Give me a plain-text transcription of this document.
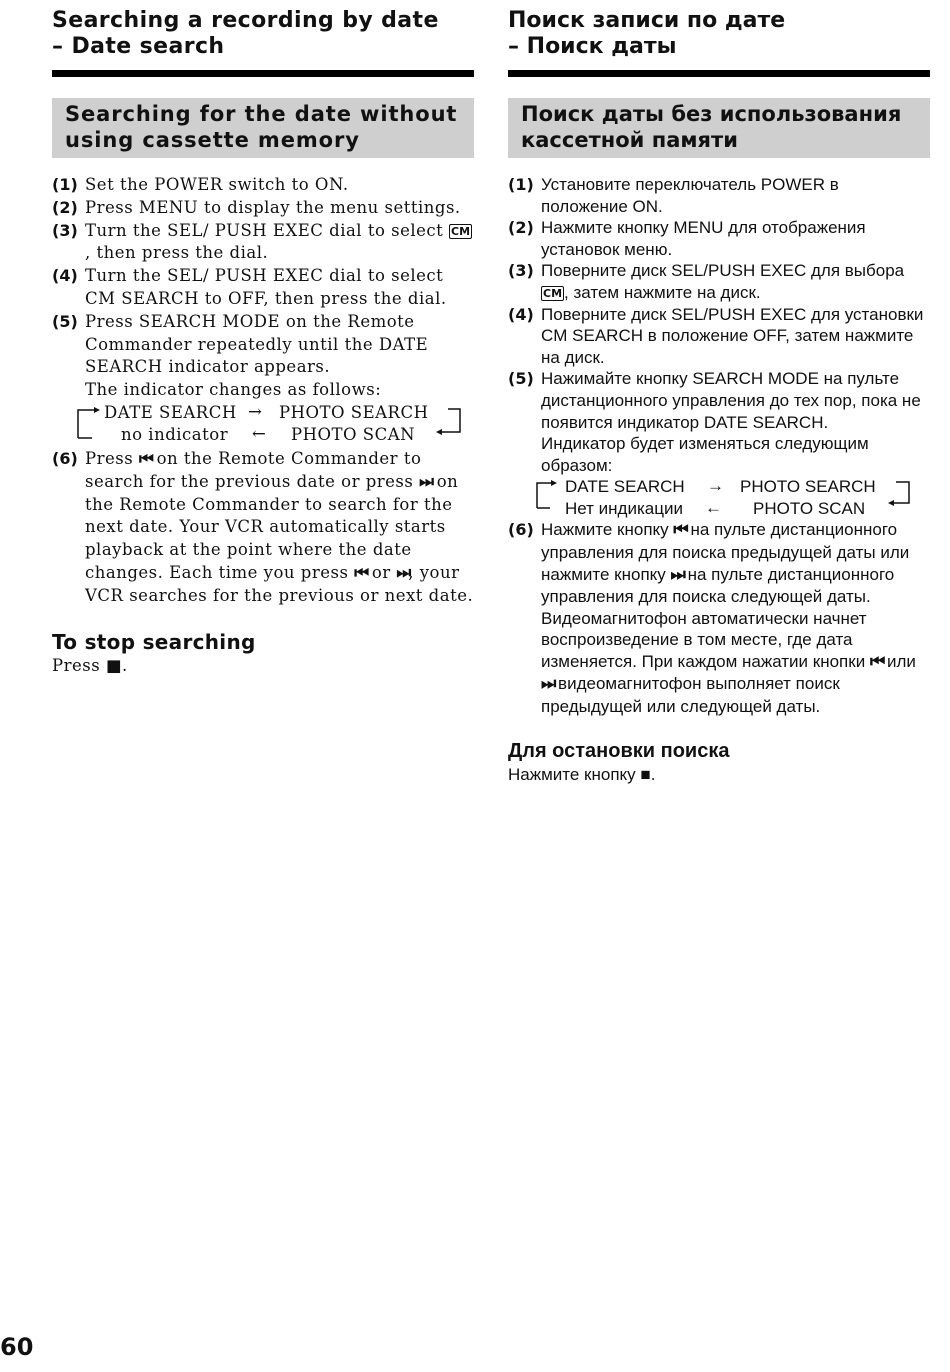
Searching a recording by date
– Date search
Searching for the date without
using cassette memory
(1) Set the POWER switch to ON.
(2) Press MENU to display the menu settings.
(3) Turn the SEL/ PUSH EXEC dial to select CM, then press the dial.
(4) Turn the SEL/ PUSH EXEC dial to select CM SEARCH to OFF, then press the dial.
(5) Press SEARCH MODE on the Remote Commander repeatedly until the DATE SEARCH indicator appears.
The indicator changes as follows:
DATE SEARCH → PHOTO SEARCH
no indicator ← PHOTO SCAN
(6) Press ⏮ on the Remote Commander to search for the previous date or press ⏭ on the Remote Commander to search for the next date. Your VCR automatically starts playback at the point where the date changes. Each time you press ⏮ or ⏭, your VCR searches for the previous or next date.
To stop searching

Press ■.

Поиск записи по дате
– Поиск даты
Поиск даты без использования
кассетной памяти
(1) Установите переключатель POWER в положение ON.
(2) Нажмите кнопку MENU для отображения установок меню.
(3) Поверните диск SEL/PUSH EXEC для выбора CM , затем нажмите на диск.
(4) Поверните диск SEL/PUSH EXEC для установки CM SEARCH в положение OFF, затем нажмите на диск.
(5) Нажимайте кнопку SEARCH MODE на пульте дистанционного управления до тех пор, пока не появится индикатор DATE SEARCH.
Индикатор будет изменяться следующим образом:
DATE SEARCH → PHOTO SEARCH
Нет индикации ← PHOTO SCAN
(6) Нажмите кнопку ⏮ на пульте дистанционного управления для поиска предыдущей даты или нажмите кнопку ⏭ на пульте дистанционного управления для поиска следующей даты. Видеомагнитофон автоматически начнет воспроизведение в том месте, где дата изменяется. При каждом нажатии кнопки ⏮ или ⏭ видеомагнитофон выполняет поиск предыдущей или следующей даты.
Для остановки поиска

Нажмите кнопку ■.

60
